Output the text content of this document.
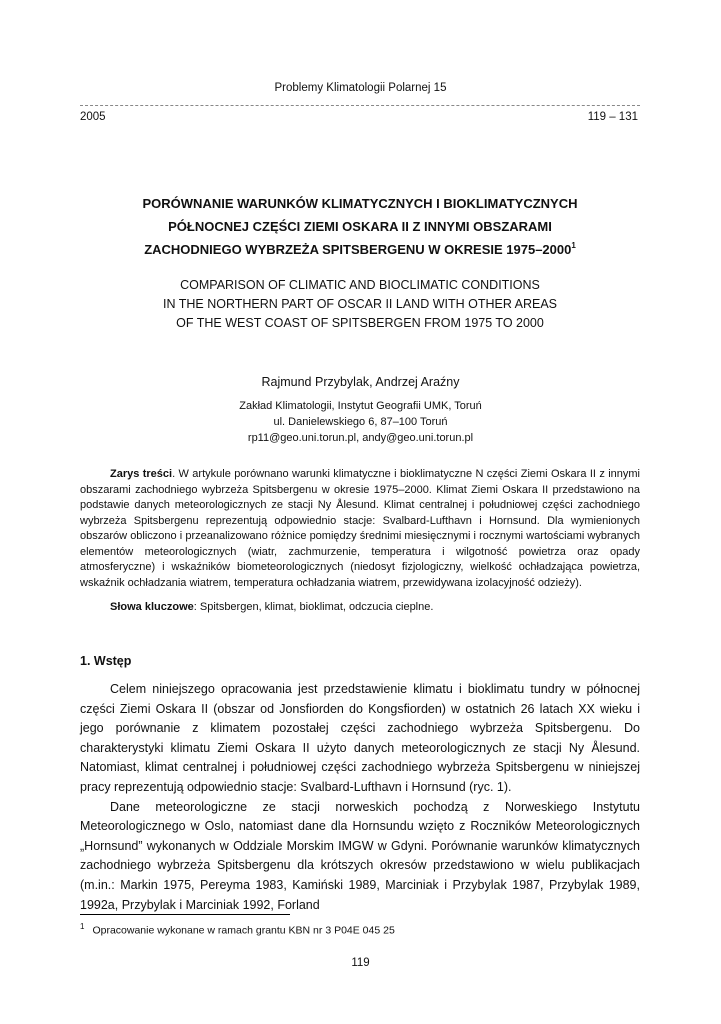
Problemy Klimatologii Polarnej 15
2005	119 – 131
PORÓWNANIE WARUNKÓW KLIMATYCZNYCH I BIOKLIMATYCZNYCH
PÓŁNOCNEJ CZĘŚCI ZIEMI OSKARA II Z INNYMI OBSZARAMI
ZACHODNIEGO WYBRZEŻA SPITSBERGENU W OKRESIE 1975–2000$^1$
COMPARISON OF CLIMATIC AND BIOCLIMATIC CONDITIONS
IN THE NORTHERN PART OF OSCAR II LAND WITH OTHER AREAS
OF THE WEST COAST OF SPITSBERGEN FROM 1975 TO 2000
Rajmund Przybylak, Andrzej Araźny
Zakład Klimatologii, Instytut Geografii UMK, Toruń
ul. Danielewskiego 6, 87–100 Toruń
rp11@geo.uni.torun.pl, andy@geo.uni.torun.pl
Zarys treści. W artykule porównano warunki klimatyczne i bioklimatyczne N części Ziemi Oskara II z innymi obszarami zachodniego wybrzeża Spitsbergenu w okresie 1975–2000. Klimat Ziemi Oskara II przedstawiono na podstawie danych meteorologicznych ze stacji Ny Ålesund. Klimat centralnej i południowej części zachodniego wybrzeża Spitsbergenu reprezentują odpowiednio stacje: Svalbard-Lufthavn i Hornsund. Dla wymienionych obszarów obliczono i przeanalizowano różnice pomiędzy średnimi miesięcznymi i rocznymi wartościami wybranych elementów meteorologicznych (wiatr, zachmurzenie, temperatura i wilgotność powietrza oraz opady atmosferyczne) i wskaźników biometeorologicznych (niedosyt fizjologiczny, wielkość ochładzająca powietrza, wskaźnik ochładzania wiatrem, temperatura ochładzania wiatrem, przewidywana izolacyjność odzieży).
Słowa kluczowe: Spitsbergen, klimat, bioklimat, odczucia cieplne.
1. Wstęp

Celem niniejszego opracowania jest przedstawienie klimatu i bioklimatu tundry w północnej części Ziemi Oskara II (obszar od Jonsfiorden do Kongsfiorden) w ostatnich 26 latach XX wieku i jego porównanie z klimatem pozostałej części zachodniego wybrzeża Spitsbergenu. Do charakterystyki klimatu Ziemi Oskara II użyto danych meteorologicznych ze stacji Ny Ålesund. Natomiast, klimat centralnej i południowej części zachodniego wybrzeża Spitsbergenu w niniejszej pracy reprezentują odpowiednio stacje: Svalbard-Lufthavn i Hornsund (ryc. 1).

Dane meteorologiczne ze stacji norweskich pochodzą z Norweskiego Instytutu Meteorologicznego w Oslo, natomiast dane dla Hornsundu wzięto z Roczników Meteorologicznych „Hornsund” wykonanych w Oddziale Morskim IMGW w Gdyni. Porównanie warunków klimatycznych zachodniego wybrzeża Spitsbergenu dla krótszych okresów przedstawiono w wielu publikacjach (m.in.: Markin 1975, Pereyma 1983, Kamiński 1989, Marciniak i Przybylak 1987, Przybylak 1989, 1992a, Przybylak i Marciniak 1992, Forland

$^1$ Opracowanie wykonane w ramach grantu KBN nr 3 P04E 045 25
119
